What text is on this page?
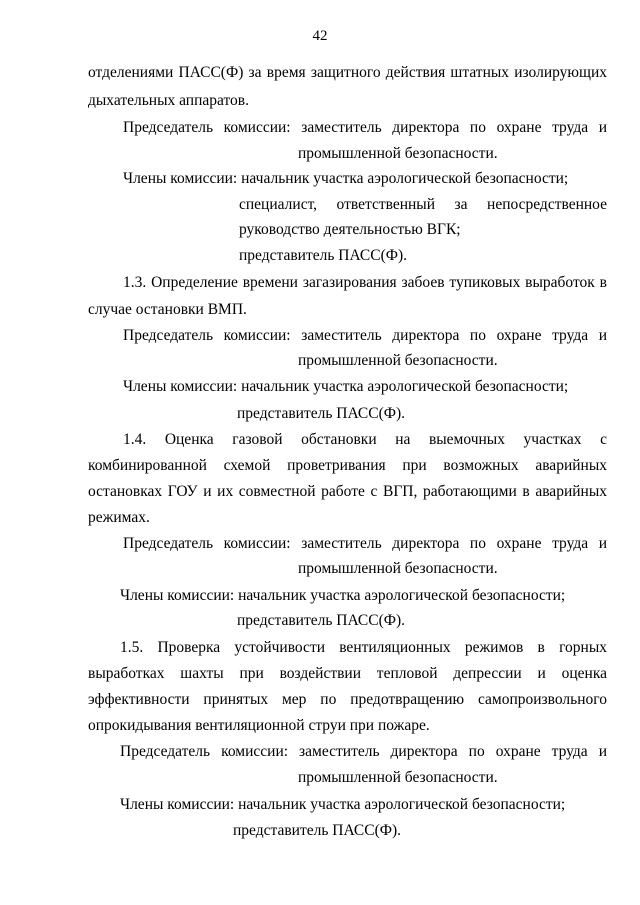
42
отделениями ПАСС(Ф) за время защитного действия штатных изолирующих
дыхательных аппаратов.
Председатель комиссии: заместитель директора по охране труда и
промышленной безопасности.
Члены комиссии: начальник участка аэрологической безопасности;
специалист, ответственный за непосредственное
руководство деятельностью ВГК;
представитель ПАСС(Ф).
1.3. Определение времени загазирования забоев тупиковых выработок в
случае остановки ВМП.
Председатель комиссии: заместитель директора по охране труда и
промышленной безопасности.
Члены комиссии: начальник участка аэрологической безопасности;
представитель ПАСС(Ф).
1.4. Оценка газовой обстановки на выемочных участках с
комбинированной схемой проветривания при возможных аварийных
остановках ГОУ и их совместной работе с ВГП, работающими в аварийных
режимах.
Председатель комиссии: заместитель директора по охране труда и
промышленной безопасности.
Члены комиссии: начальник участка аэрологической безопасности;
представитель ПАСС(Ф).
1.5. Проверка устойчивости вентиляционных режимов в горных
выработках шахты при воздействии тепловой депрессии и оценка
эффективности принятых мер по предотвращению самопроизвольного
опрокидывания вентиляционной струи при пожаре.
Председатель комиссии: заместитель директора по охране труда и
промышленной безопасности.
Члены комиссии: начальник участка аэрологической безопасности;
представитель ПАСС(Ф).
